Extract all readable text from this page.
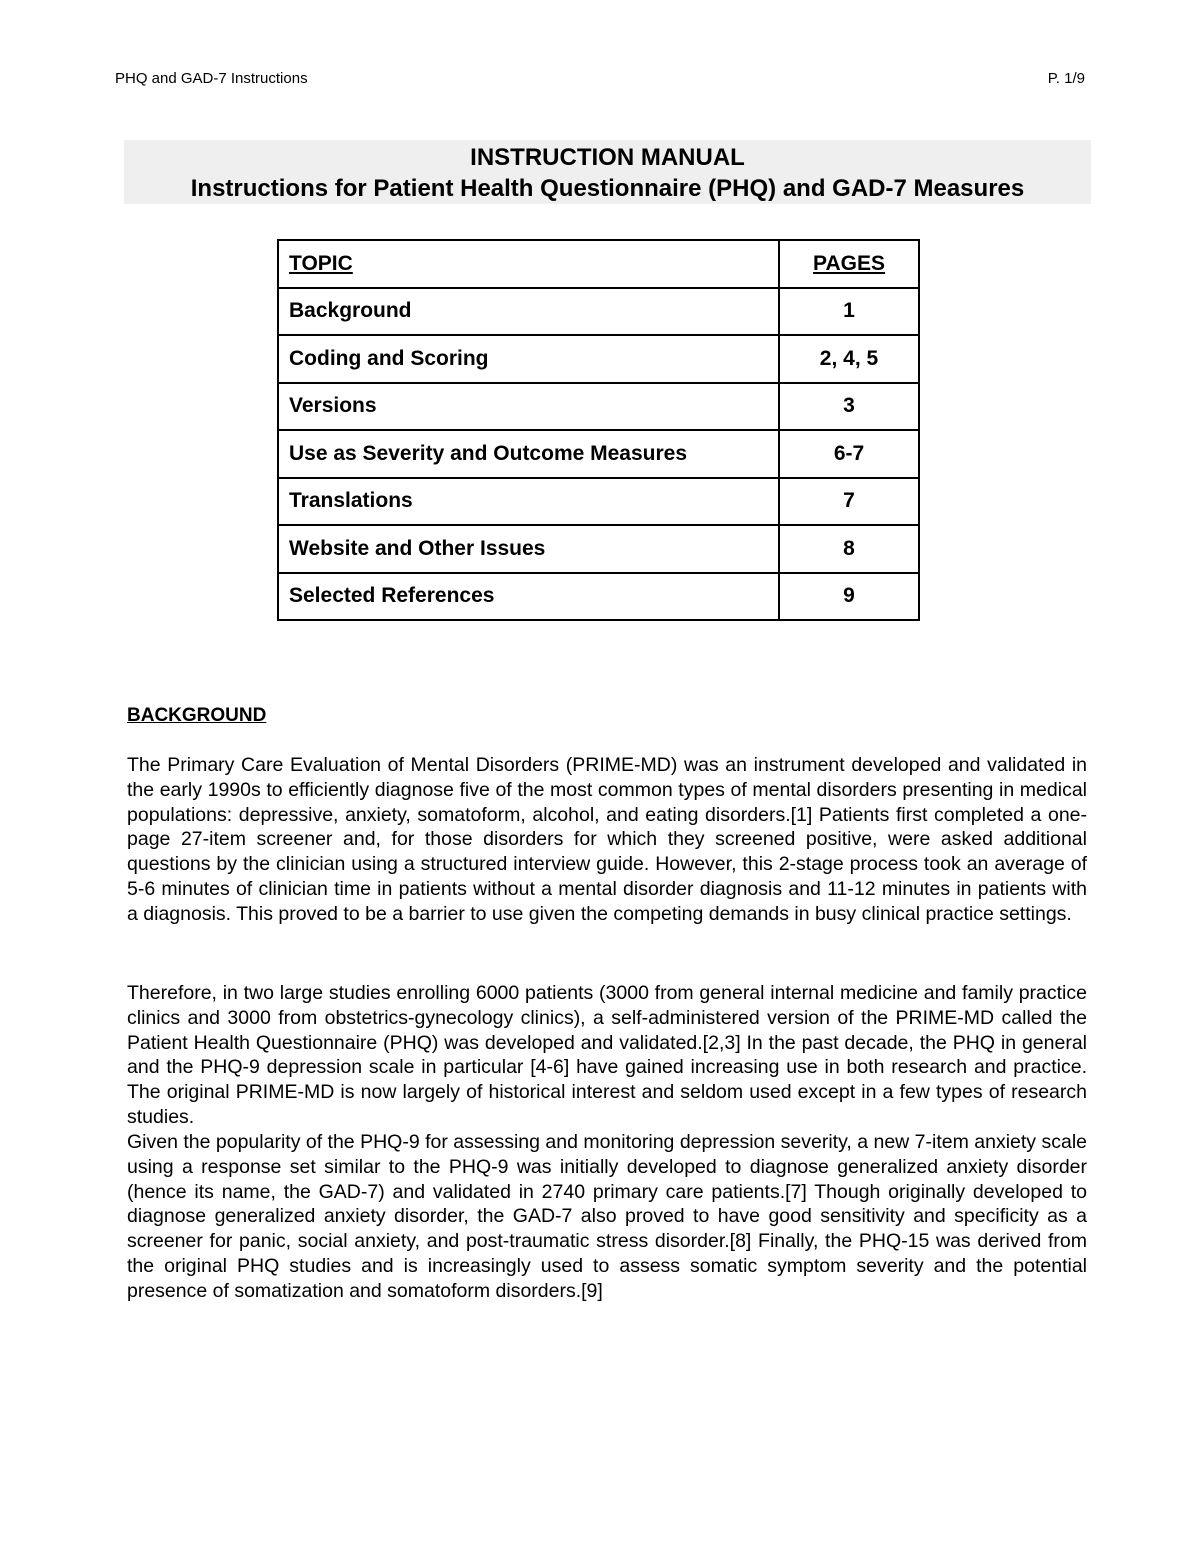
PHQ and GAD-7 Instructions	P. 1/9
INSTRUCTION MANUAL
Instructions for Patient Health Questionnaire (PHQ) and GAD-7 Measures
TOPIC	PAGES
Background	1
Coding and Scoring	2, 4, 5
Versions	3
Use as Severity and Outcome Measures	6-7
Translations	7
Website and Other Issues	8
Selected References	9
BACKGROUND

The Primary Care Evaluation of Mental Disorders (PRIME-MD) was an instrument developed and validated in the early 1990s to efficiently diagnose five of the most common types of mental disorders presenting in medical populations: depressive, anxiety, somatoform, alcohol, and eating disorders.[1] Patients first completed a one-page 27-item screener and, for those disorders for which they screened positive, were asked additional questions by the clinician using a structured interview guide. However, this 2-stage process took an average of 5-6 minutes of clinician time in patients without a mental disorder diagnosis and 11-12 minutes in patients with a diagnosis. This proved to be a barrier to use given the competing demands in busy clinical practice settings.

Therefore, in two large studies enrolling 6000 patients (3000 from general internal medicine and family practice clinics and 3000 from obstetrics-gynecology clinics), a self-administered version of the PRIME-MD called the Patient Health Questionnaire (PHQ) was developed and validated.[2,3] In the past decade, the PHQ in general and the PHQ-9 depression scale in particular [4-6] have gained increasing use in both research and practice. The original PRIME-MD is now largely of historical interest and seldom used except in a few types of research studies.

Given the popularity of the PHQ-9 for assessing and monitoring depression severity, a new 7-item anxiety scale using a response set similar to the PHQ-9 was initially developed to diagnose generalized anxiety disorder (hence its name, the GAD-7) and validated in 2740 primary care patients.[7] Though originally developed to diagnose generalized anxiety disorder, the GAD-7 also proved to have good sensitivity and specificity as a screener for panic, social anxiety, and post-traumatic stress disorder.[8] Finally, the PHQ-15 was derived from the original PHQ studies and is increasingly used to assess somatic symptom severity and the potential presence of somatization and somatoform disorders.[9]
